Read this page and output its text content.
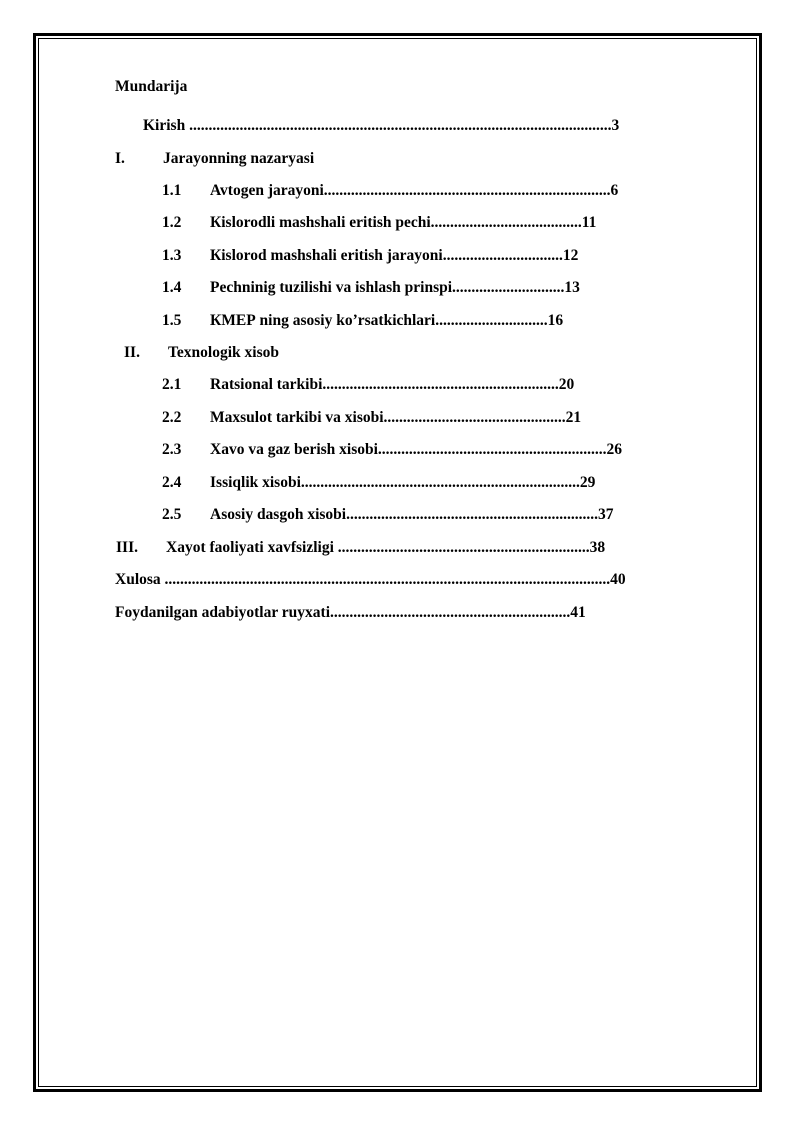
Mundarija
Kirish .............................................................................................................3
I. Jarayonning nazaryasi
1.1 Avtogen jarayoni..........................................................................6
1.2 Кislorodli mashshali eritish pechi.......................................11
1.3 Кislorod mashshali eritish jarayoni...............................12
1.4 Pechninig tuzilishi va ishlash prinspi.............................13
1.5 КМЕР ning asosiy ko’rsatkichlari.............................16
II. Texnologik xisob
2.1 Ratsional tarkibi.............................................................20
2.2 Maxsulot tarkibi va xisobi...............................................21
2.3 Xavo va gaz berish xisobi...........................................................26
2.4 Issiqlik xisobi........................................................................29
2.5 Asosiy dasgoh xisobi.................................................................37
III. Xayot faoliyati xavfsizligi .................................................................38
Xulosa ...................................................................................................................40
Foydanilgan adabiyotlar ruyxati..............................................................41
